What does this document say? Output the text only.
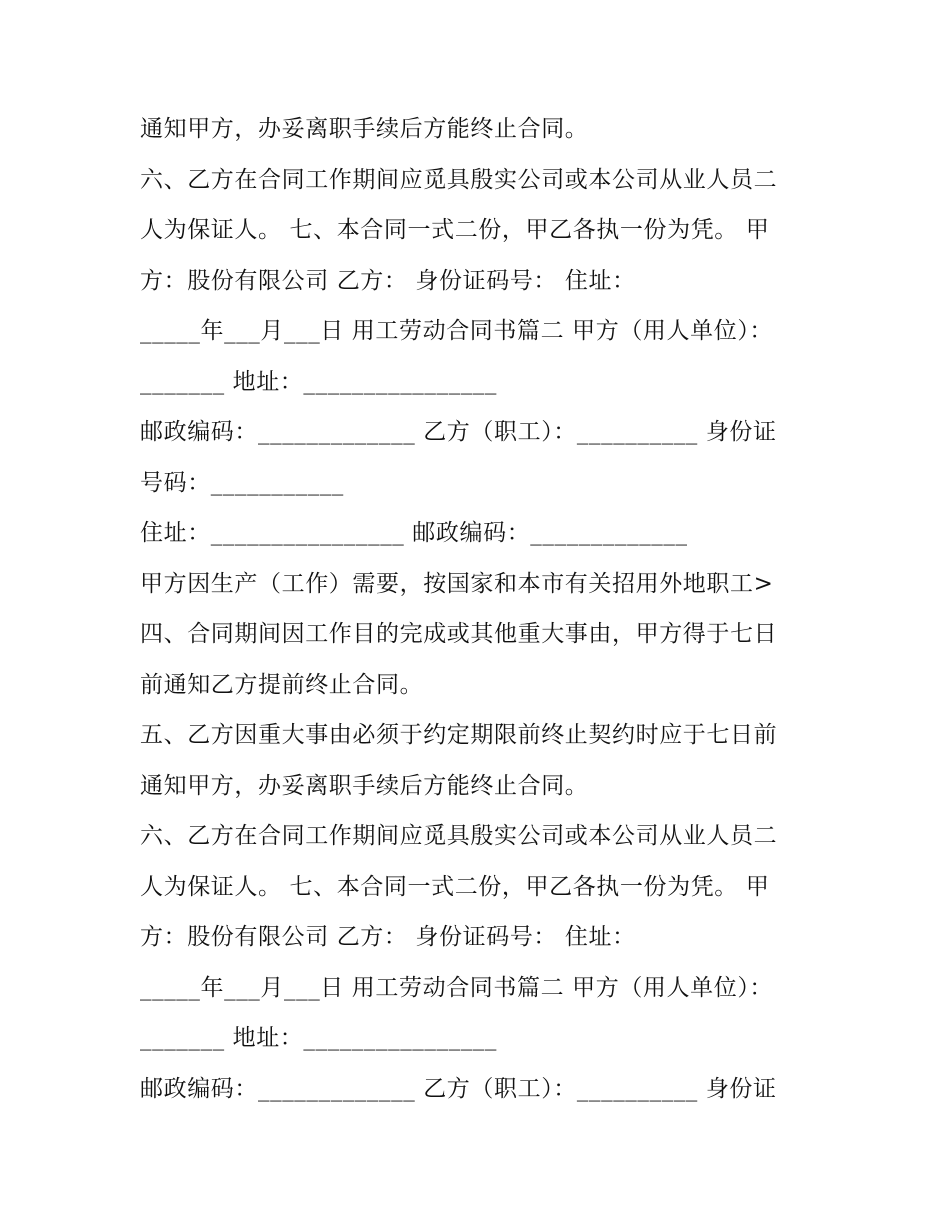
通知甲方，办妥离职手续后方能终止合同。
六、乙方在合同工作期间应觅具殷实公司或本公司从业人员二
人为保证人。 七、本合同一式二份，甲乙各执一份为凭。 甲
方：股份有限公司 乙方： 身份证码号： 住址：
_____年___月___日 用工劳动合同书篇二 甲方（用人单位）：
_______ 地址：________________
邮政编码：_____________ 乙方（职工）：__________ 身份证
号码：___________
住址：________________ 邮政编码：_____________
甲方因生产（工作）需要，按国家和本市有关招用外地职工>
四、合同期间因工作目的完成或其他重大事由，甲方得于七日
前通知乙方提前终止合同。
五、乙方因重大事由必须于约定期限前终止契约时应于七日前
通知甲方，办妥离职手续后方能终止合同。
六、乙方在合同工作期间应觅具殷实公司或本公司从业人员二
人为保证人。 七、本合同一式二份，甲乙各执一份为凭。 甲
方：股份有限公司 乙方： 身份证码号： 住址：
_____年___月___日 用工劳动合同书篇二 甲方（用人单位）：
_______ 地址：________________
邮政编码：_____________ 乙方（职工）：__________ 身份证
